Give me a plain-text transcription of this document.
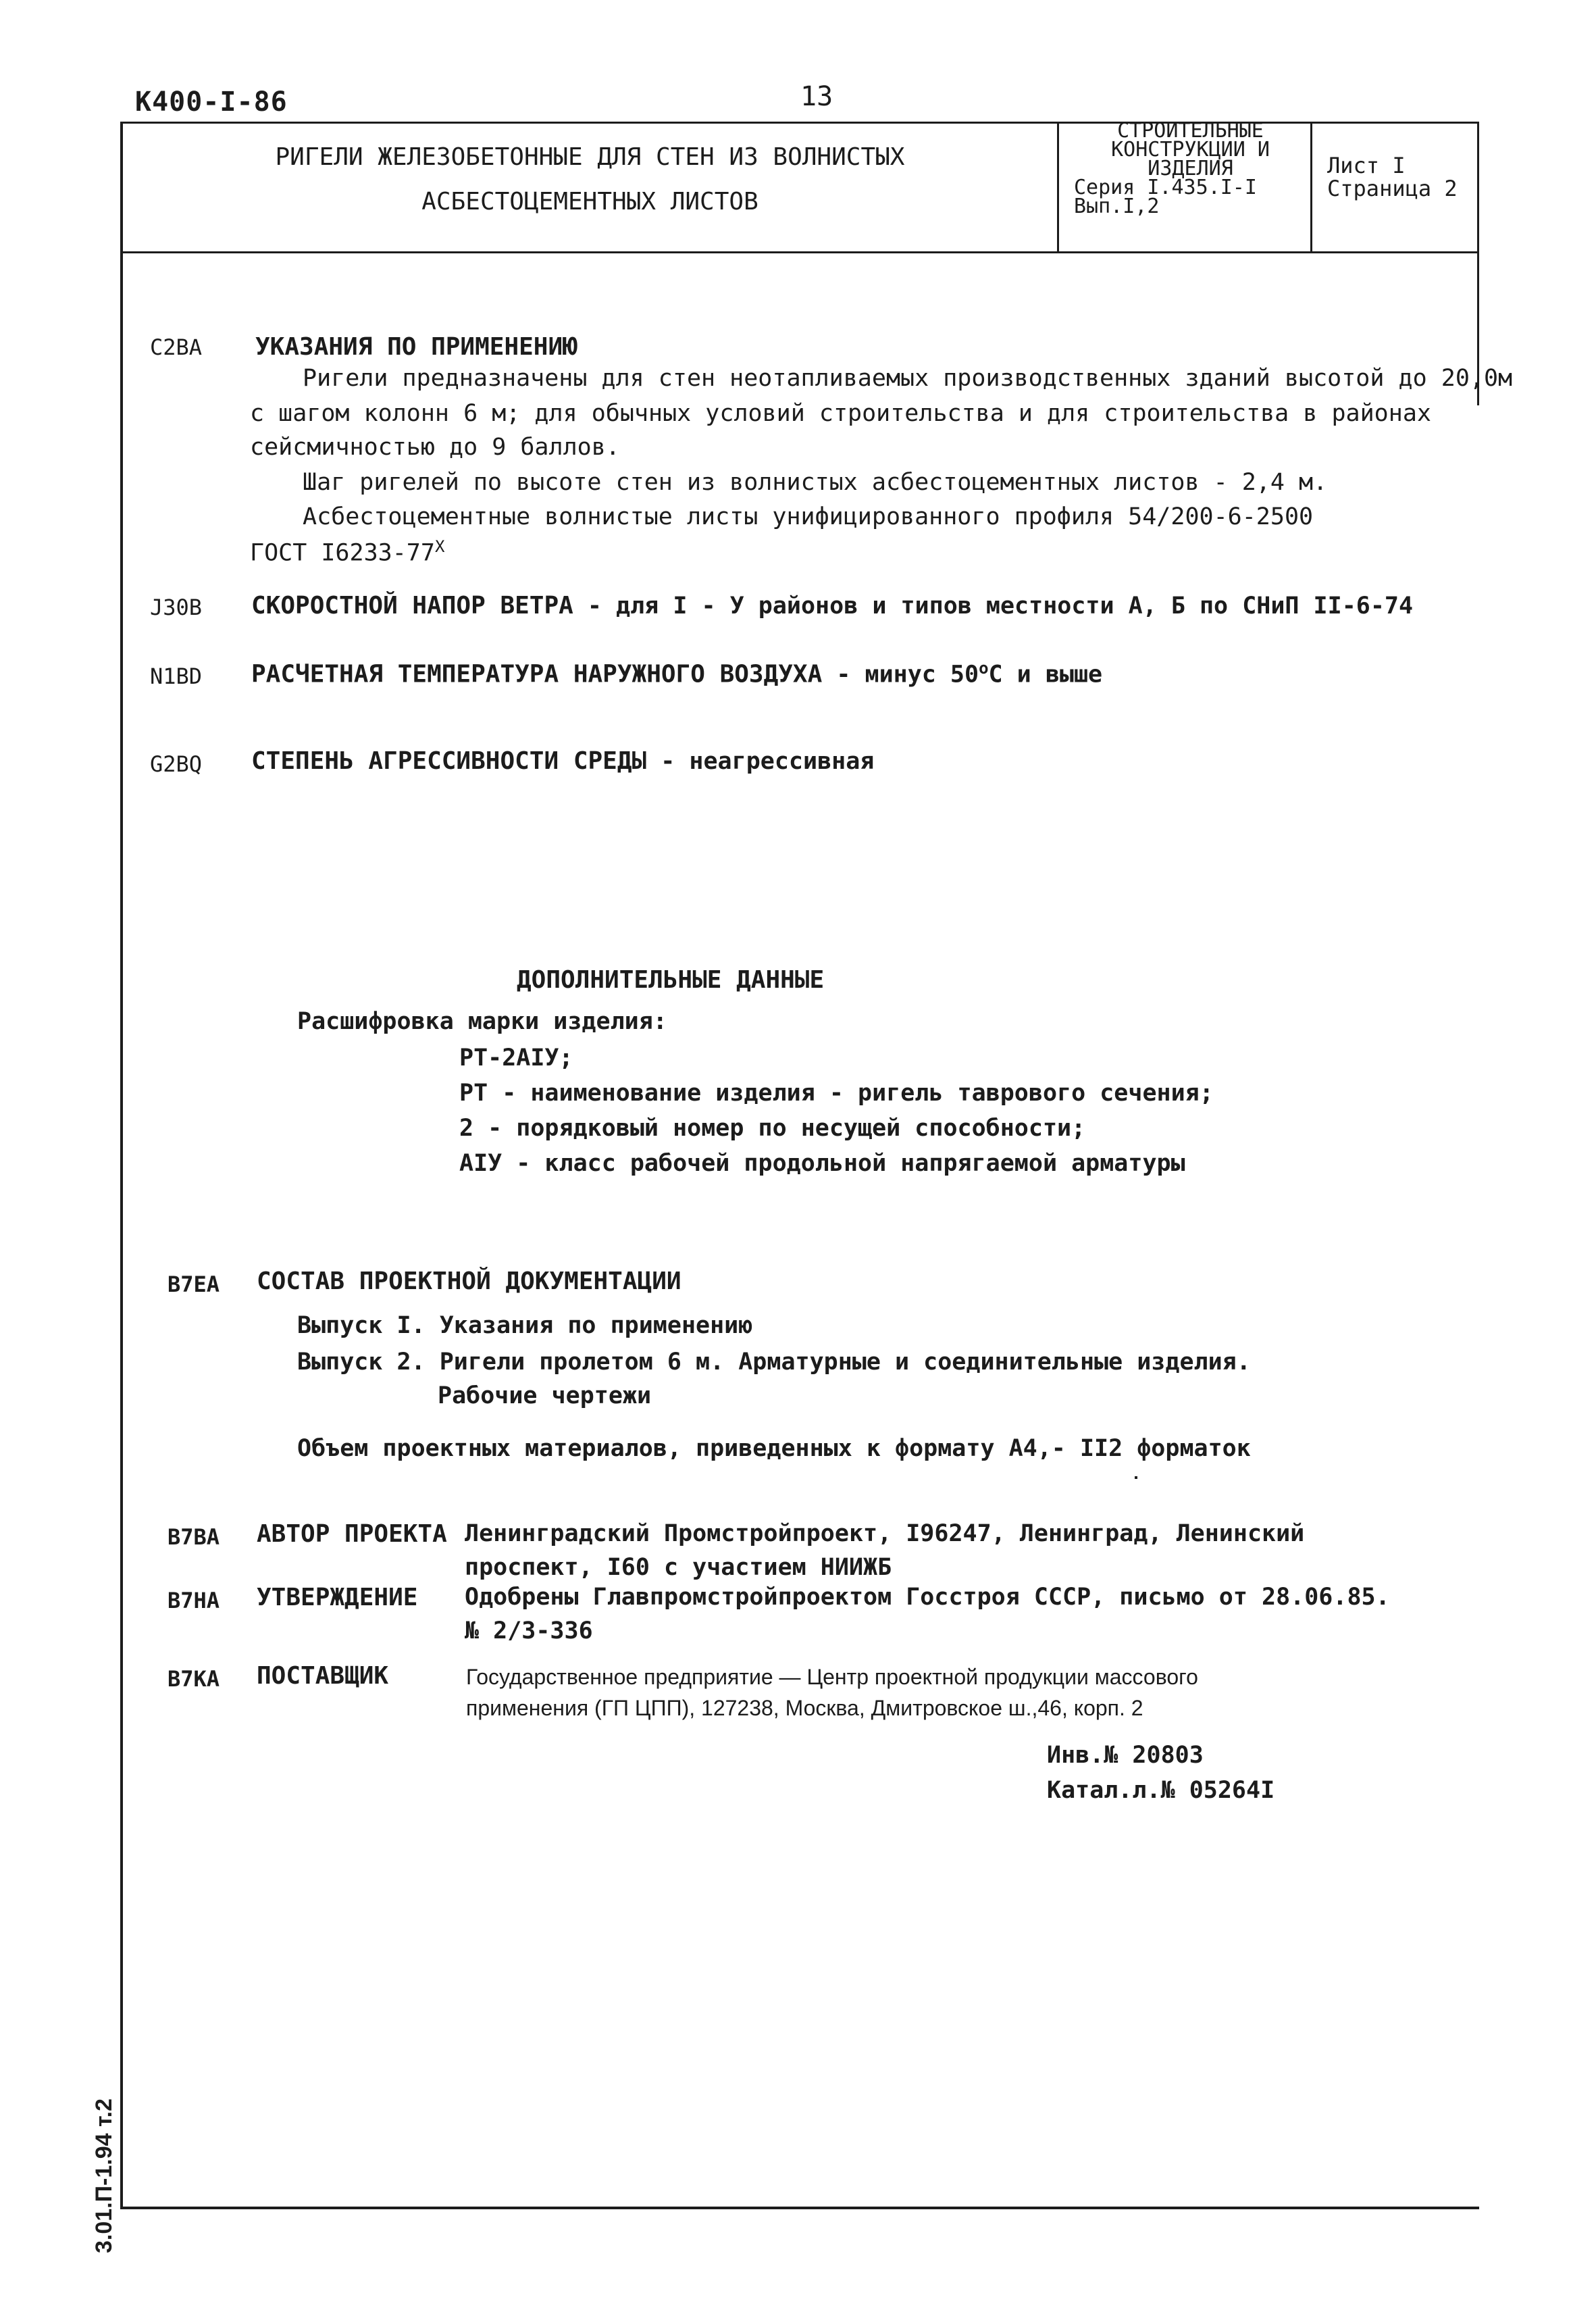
К400-I-86	13
РИГЕЛИ ЖЕЛЕЗОБЕТОННЫЕ ДЛЯ СТЕН ИЗ ВОЛНИСТЫХ
АСБЕСТОЦЕМЕНТНЫХ ЛИСТОВ
СТРОИТЕЛЬНЫЕ
КОНСТРУКЦИИ И
ИЗДЕЛИЯ
Серия I.435.I-I
Вып.I,2
Лист I
Страница 2
C2BA УКАЗАНИЯ ПО ПРИМЕНЕНИЮ
Ригели предназначены для стен неотапливаемых производственных зданий высотой до 20,0м
с шагом колонн 6 м; для обычных условий строительства и для строительства в районах
сейсмичностью до 9 баллов.
Шаг ригелей по высоте стен из волнистых асбестоцементных листов - 2,4 м.
Асбестоцементные волнистые листы унифицированного профиля 54/200-6-2500
ГОСТ $I6233-77^X$
J30B СКОРОСТНОЙ НАПОР ВЕТРА - для I - У районов и типов местности А, Б по СНиП II-6-74
N1BD РАСЧЕТНАЯ ТЕМПЕРАТУРА НАРУЖНОГО ВОЗДУХА - минус $50^оС$ и выше
G2BQ СТЕПЕНЬ АГРЕССИВНОСТИ СРЕДЫ - неагрессивная
ДОПОЛНИТЕЛЬНЫЕ ДАННЫЕ
Расшифровка марки изделия:
РТ-2АIУ;
РТ - наименование изделия - ригель таврового сечения;
2 - порядковый номер по несущей способности;
АIУ - класс рабочей продольной напрягаемой арматуры
B7EA СОСТАВ ПРОЕКТНОЙ ДОКУМЕНТАЦИИ
Выпуск I. Указания по применению
Выпуск 2. Ригели пролетом 6 м. Арматурные и соединительные изделия.
Рабочие чертежи
Объем проектных материалов, приведенных к формату А4,- II2 форматок
B7BA АВТОР ПРОЕКТА Ленинградский Промстройпроект, I96247, Ленинград, Ленинский
проспект, I60 с участием НИИЖБ
B7HA УТВЕРЖДЕНИЕ Одобрены Главпромстройпроектом Госстроя СССР, письмо от 28.06.85.
№ 2/3-336
B7KA ПОСТАВЩИК	Государственное предприятие — Центр проектной продукции массового
применения (ГП ЦПП), 127238, Москва, Дмитровское ш.,46, корп. 2
Инв.№ 20803
Катал.л.№ 05264I
3.01.П-1.94 т.2
